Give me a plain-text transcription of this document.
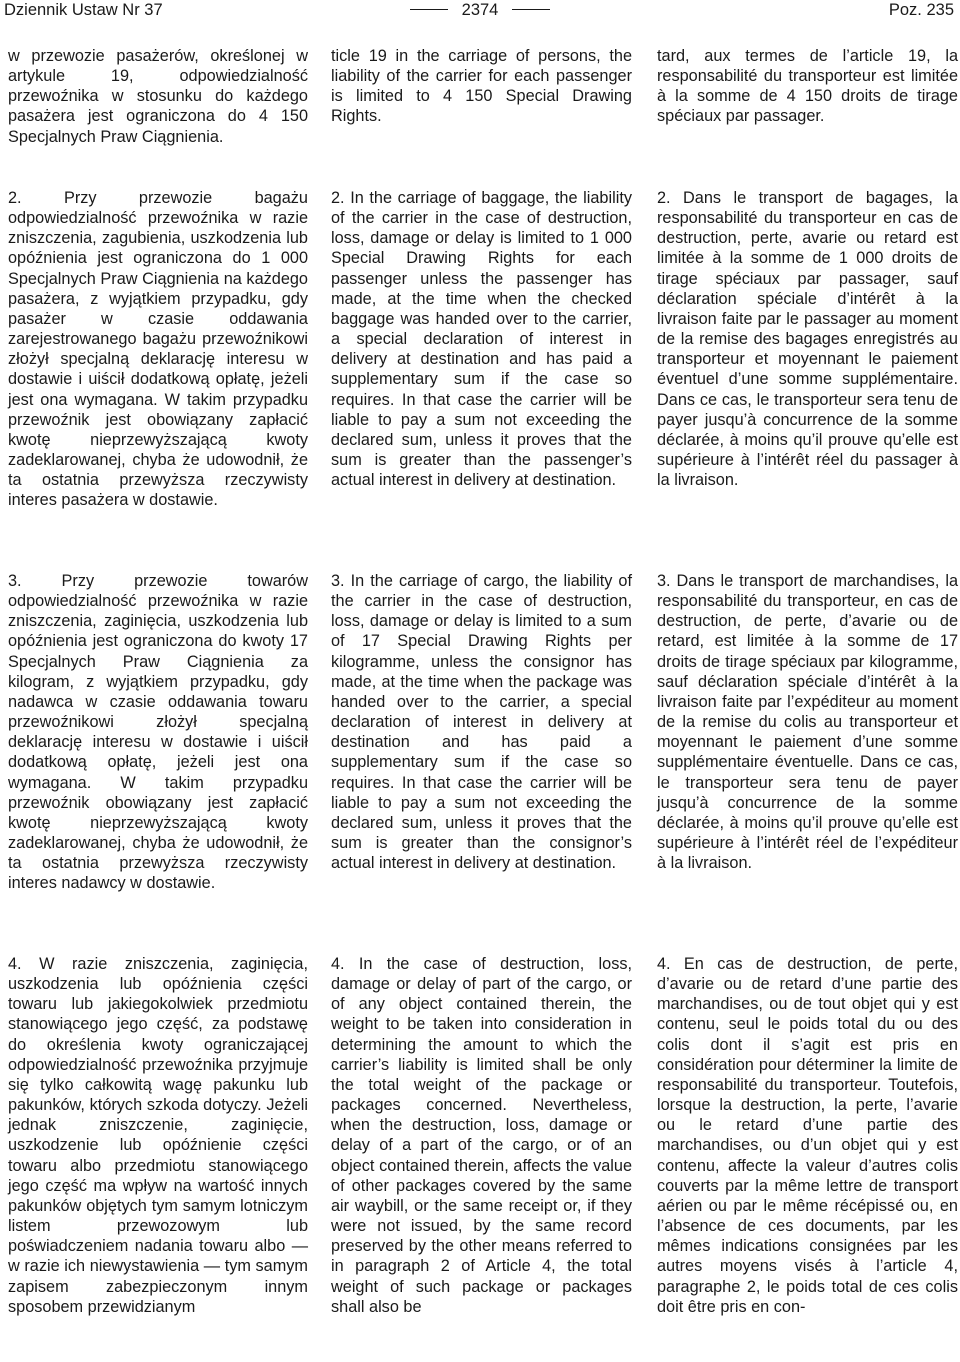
Dziennik Ustaw Nr 37	2374	Poz. 235

w przewozie pasażerów, określonej w artykule 19, odpowiedzialność przewoźnika w stosunku do każdego pasażera jest ograniczona do 4 150 Specjalnych Praw Ciągnienia.

2. Przy przewozie bagażu odpowiedzialność przewoźnika w razie zniszczenia, zagubienia, uszkodzenia lub opóźnienia jest ograniczona do 1 000 Specjalnych Praw Ciągnienia na każdego pasażera, z wyjątkiem przypadku, gdy pasażer w czasie oddawania zarejestrowanego bagażu przewoźnikowi złożył specjalną deklarację interesu w dostawie i uiścił dodatkową opłatę, jeżeli jest ona wymagana. W takim przypadku przewoźnik jest obowiązany zapłacić kwotę nieprzewyższającą kwoty zadeklarowanej, chyba że udowodnił, że ta ostatnia przewyższa rzeczywisty interes pasażera w dostawie.

3. Przy przewozie towarów odpowiedzialność przewoźnika w razie zniszczenia, zaginięcia, uszkodzenia lub opóźnienia jest ograniczona do kwoty 17 Specjalnych Praw Ciągnienia za kilogram, z wyjątkiem przypadku, gdy nadawca w czasie oddawania towaru przewoźnikowi złożył specjalną deklarację interesu w dostawie i uiścił dodatkową opłatę, jeżeli jest ona wymagana. W takim przypadku przewoźnik obowiązany jest zapłacić kwotę nieprzewyższającą kwoty zadeklarowanej, chyba że udowodnił, że ta ostatnia przewyższa rzeczywisty interes nadawcy w dostawie.

4. W razie zniszczenia, zaginięcia, uszkodzenia lub opóźnienia części towaru lub jakiegokolwiek przedmiotu stanowiącego jego część, za podstawę do określenia kwoty ograniczającej odpowiedzialność przewoźnika przyjmuje się tylko całkowitą wagę pakunku lub pakunków, których szkoda dotyczy. Jeżeli jednak zniszczenie, zaginięcie, uszkodzenie lub opóźnienie części towaru albo przedmiotu stanowiącego jego część ma wpływ na wartość innych pakunków objętych tym samym lotniczym listem przewozowym lub poświadczeniem nadania towaru albo — w razie ich niewystawienia — tym samym zapisem zabezpieczonym innym sposobem przewidzianym

ticle 19 in the carriage of persons, the liability of the carrier for each passenger is limited to 4 150 Special Drawing Rights.

2. In the carriage of baggage, the liability of the carrier in the case of destruction, loss, damage or delay is limited to 1 000 Special Drawing Rights for each passenger unless the passenger has made, at the time when the checked baggage was handed over to the carrier, a special declaration of interest in delivery at destination and has paid a supplementary sum if the case so requires. In that case the carrier will be liable to pay a sum not exceeding the declared sum, unless it proves that the sum is greater than the passenger’s actual interest in delivery at destination.

3. In the carriage of cargo, the liability of the carrier in the case of destruction, loss, damage or delay is limited to a sum of 17 Special Drawing Rights per kilogramme, unless the consignor has made, at the time when the package was handed over to the carrier, a special declaration of interest in delivery at destination and has paid a supplementary sum if the case so requires. In that case the carrier will be liable to pay a sum not exceeding the declared sum, unless it proves that the sum is greater than the consignor’s actual interest in delivery at destination.

4. In the case of destruction, loss, damage or delay of part of the cargo, or of any object contained therein, the weight to be taken into consideration in determining the amount to which the carrier’s liability is limited shall be only the total weight of the package or packages concerned. Nevertheless, when the destruction, loss, damage or delay of a part of the cargo, or of an object contained therein, affects the value of other packages covered by the same air waybill, or the same receipt or, if they were not issued, by the same record preserved by the other means referred to in paragraph 2 of Article 4, the total weight of such package or packages shall also be

tard, aux termes de l’article 19, la responsabilité du transporteur est limitée à la somme de 4 150 droits de tirage spéciaux par passager.

2. Dans le transport de bagages, la responsabilité du transporteur en cas de destruction, perte, avarie ou retard est limitée à la somme de 1 000 droits de tirage spéciaux par passager, sauf déclaration spéciale d’intérêt à la livraison faite par le passager au moment de la remise des bagages enregistrés au transporteur et moyennant le paiement éventuel d’une somme supplémentaire. Dans ce cas, le transporteur sera tenu de payer jusqu’à concurrence de la somme déclarée, à moins qu’il prouve qu’elle est supérieure à l’intérêt réel du passager à la livraison.

3. Dans le transport de marchandises, la responsabilité du transporteur, en cas de destruction, de perte, d’avarie ou de retard, est limitée à la somme de 17 droits de tirage spéciaux par kilogramme, sauf déclaration spéciale d’intérêt à la livraison faite par l’expéditeur au moment de la remise du colis au transporteur et moyennant le paiement d’une somme supplémentaire éventuelle. Dans ce cas, le transporteur sera tenu de payer jusqu’à concurrence de la somme déclarée, à moins qu’il prouve qu’elle est supérieure à l’intérêt réel de l’expéditeur à la livraison.

4. En cas de destruction, de perte, d’avarie ou de retard d’une partie des marchandises, ou de tout objet qui y est contenu, seul le poids total du ou des colis dont il s’agit est pris en considération pour déterminer la limite de responsabilité du transporteur. Toutefois, lorsque la destruction, la perte, l’avarie ou le retard d’une partie des marchandises, ou d’un objet qui y est contenu, affecte la valeur d’autres colis couverts par la même lettre de transport aérien ou par le même récépissé ou, en l’absence de ces documents, par les mêmes indications consignées par les autres moyens visés à l’article 4, paragraphe 2, le poids total de ces colis doit être pris en con-
